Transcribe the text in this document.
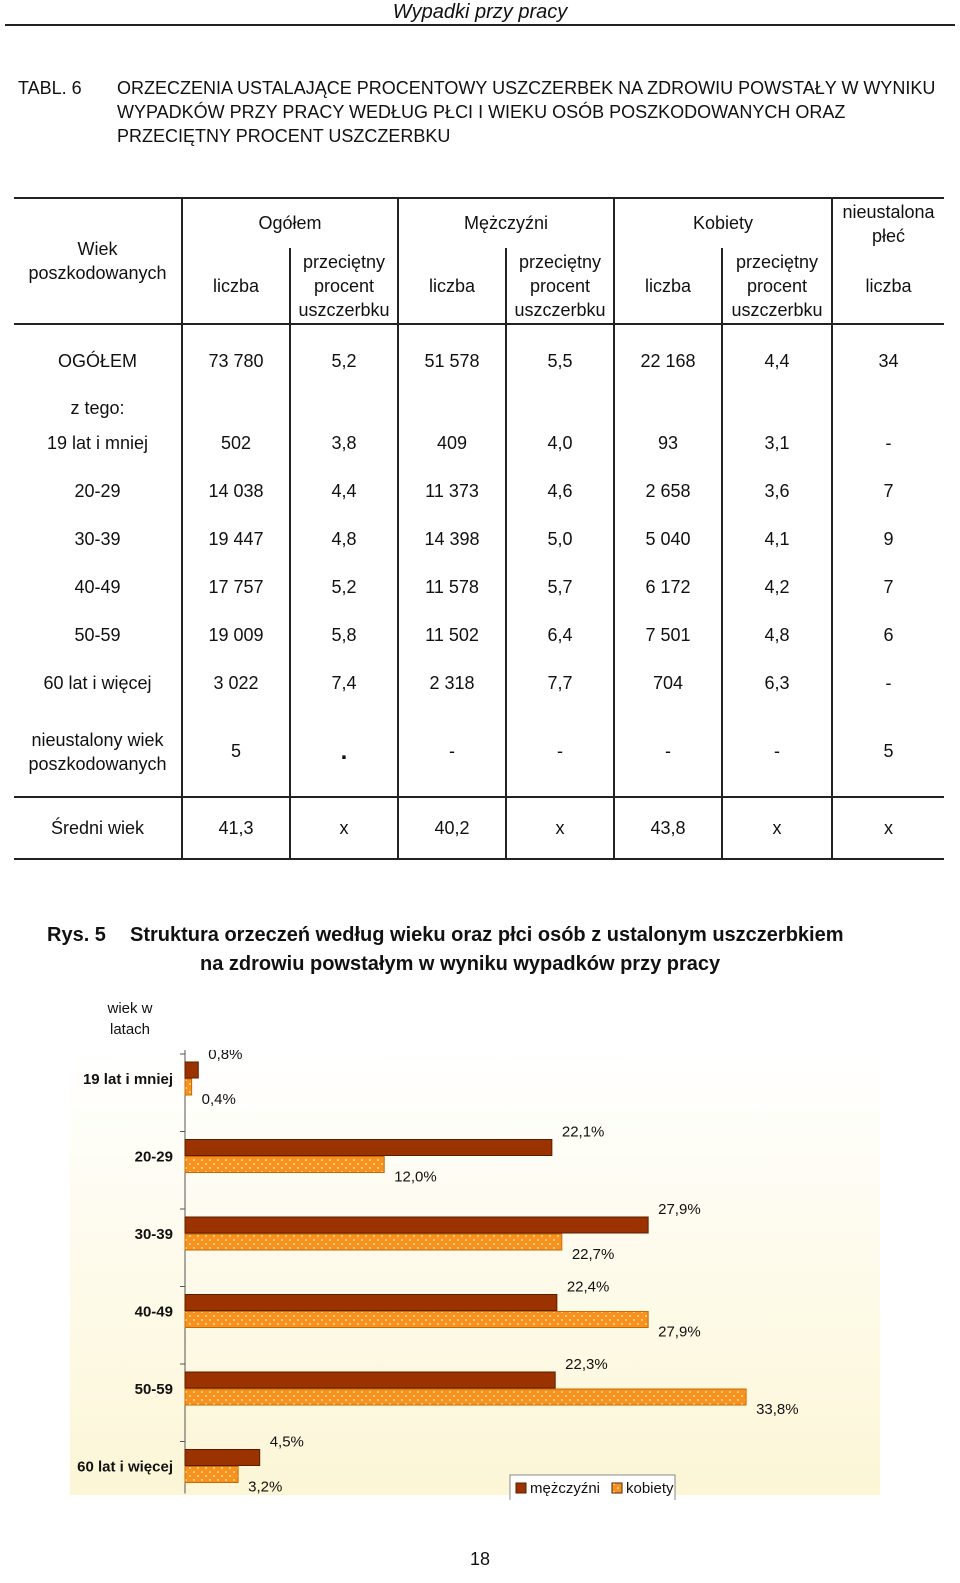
Wypadki przy pracy
TABL. 6 ORZECZENIA USTALAJĄCE PROCENTOWY USZCZERBEK NA ZDROWIU POWSTAŁY W WYNIKU WYPADKÓW PRZY PRACY WEDŁUG PŁCI I WIEKU OSÓB POSZKODOWANYCH ORAZ PRZECIĘTNY PROCENT USZCZERBKU
Wiek poszkodowanych	Ogółem		Mężczyźni		Kobiety		nieustalona płeć
	liczba	przeciętny procent uszczerbku	liczba	przeciętny procent uszczerbku	liczba	przeciętny procent uszczerbku	liczba
OGÓŁEM	73 780	5,2	51 578	5,5	22 168	4,4	34
z tego:							
19 lat i mniej	502	3,8	409	4,0	93	3,1	-
20-29	14 038	4,4	11 373	4,6	2 658	3,6	7
30-39	19 447	4,8	14 398	5,0	5 040	4,1	9
40-49	17 757	5,2	11 578	5,7	6 172	4,2	7
50-59	19 009	5,8	11 502	6,4	7 501	4,8	6
60 lat i więcej	3 022	7,4	2 318	7,7	704	6,3	-
nieustalony wiek poszkodowanych	5	.	-	-	-	-	5
Średni wiek	41,3	x	40,2	x	43,8	x	x
Rys. 5 Struktura orzeczeń według wieku oraz płci osób z ustalonym uszczerbkiem
na zdrowiu powstałym w wyniku wypadków przy pracy
wiek w latach
19 lat i mniej
0,8%
0,4%
20-29
22,1%
12,0%
30-39
27,9%
22,7%
40-49
22,4%
27,9%
50-59
22,3%
33,8%
60 lat i więcej
4,5%
3,2%	mężczyźni kobiety
18
